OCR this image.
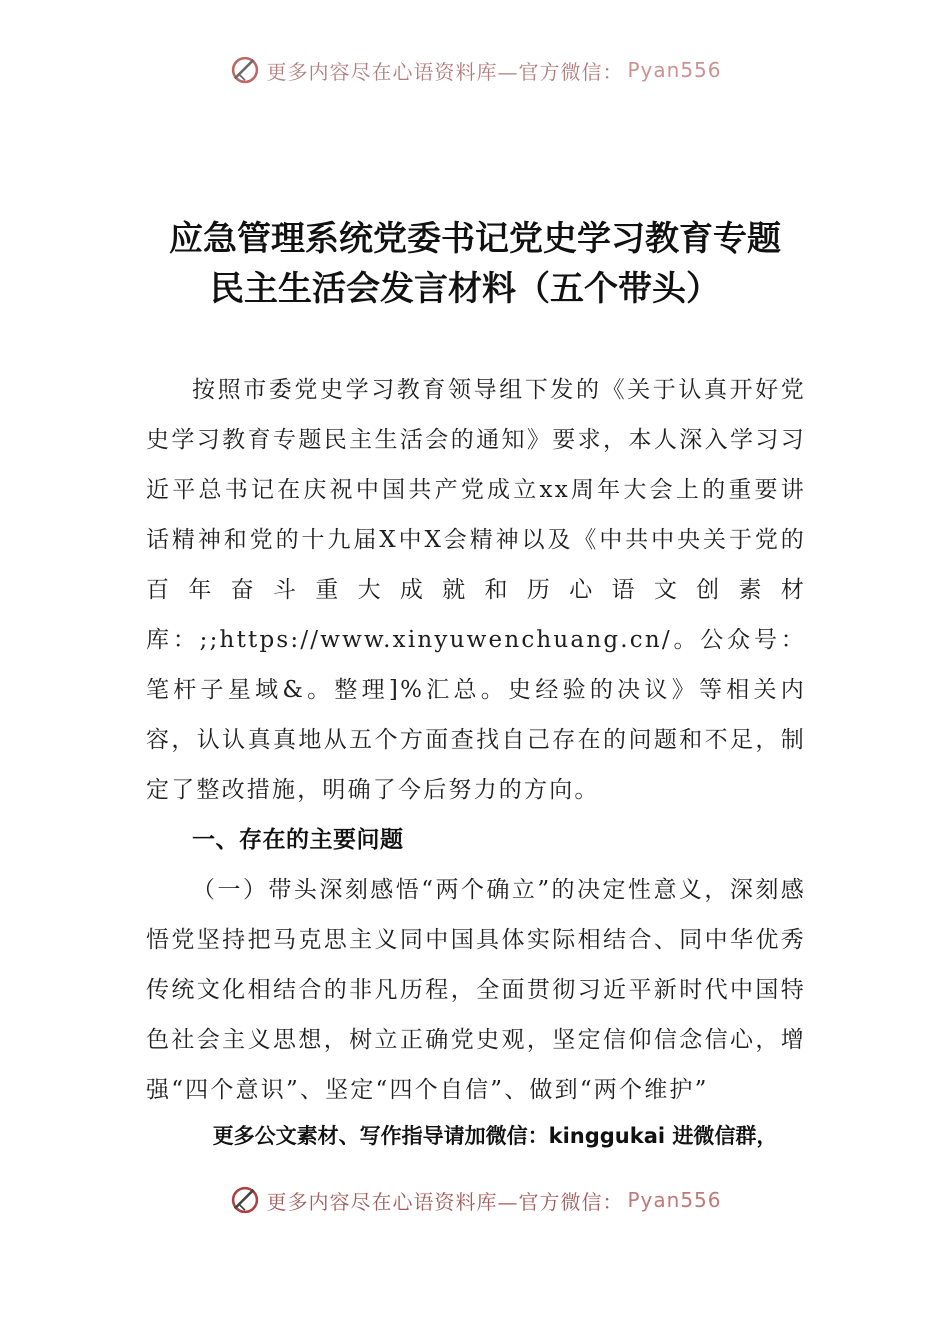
更多内容尽在心语资料库—官方微信： Pyan556
应急管理系统党委书记党史学习教育专题
民主生活会发言材料（五个带头）

按照市委党史学习教育领导组下发的《关于认真开好党史学习教育专题民主生活会的通知》要求，本人深入学习习近平总书记在庆祝中国共产党成立xx周年大会上的重要讲话精神和党的十九届X中X会精神以及《中共中央关于党的百年奋斗重大成就和历心语文创素材库：;;https://www.xinyuwenchuang.cn/。公众号：笔杆子星域&。整理]%汇总。史经验的决议》等相关内容，认认真真地从五个方面查找自己存在的问题和不足，制定了整改措施，明确了今后努力的方向。

一、存在的主要问题

（一）带头深刻感悟“两个确立”的决定性意义，深刻感悟党坚持把马克思主义同中国具体实际相结合、同中华优秀传统文化相结合的非凡历程，全面贯彻习近平新时代中国特色社会主义思想，树立正确党史观，坚定信仰信念信心，增强“四个意识”、坚定“四个自信”、做到“两个维护”

更多公文素材、写作指导请加微信：kinggukai 进微信群，
更多内容尽在心语资料库—官方微信： Pyan556
